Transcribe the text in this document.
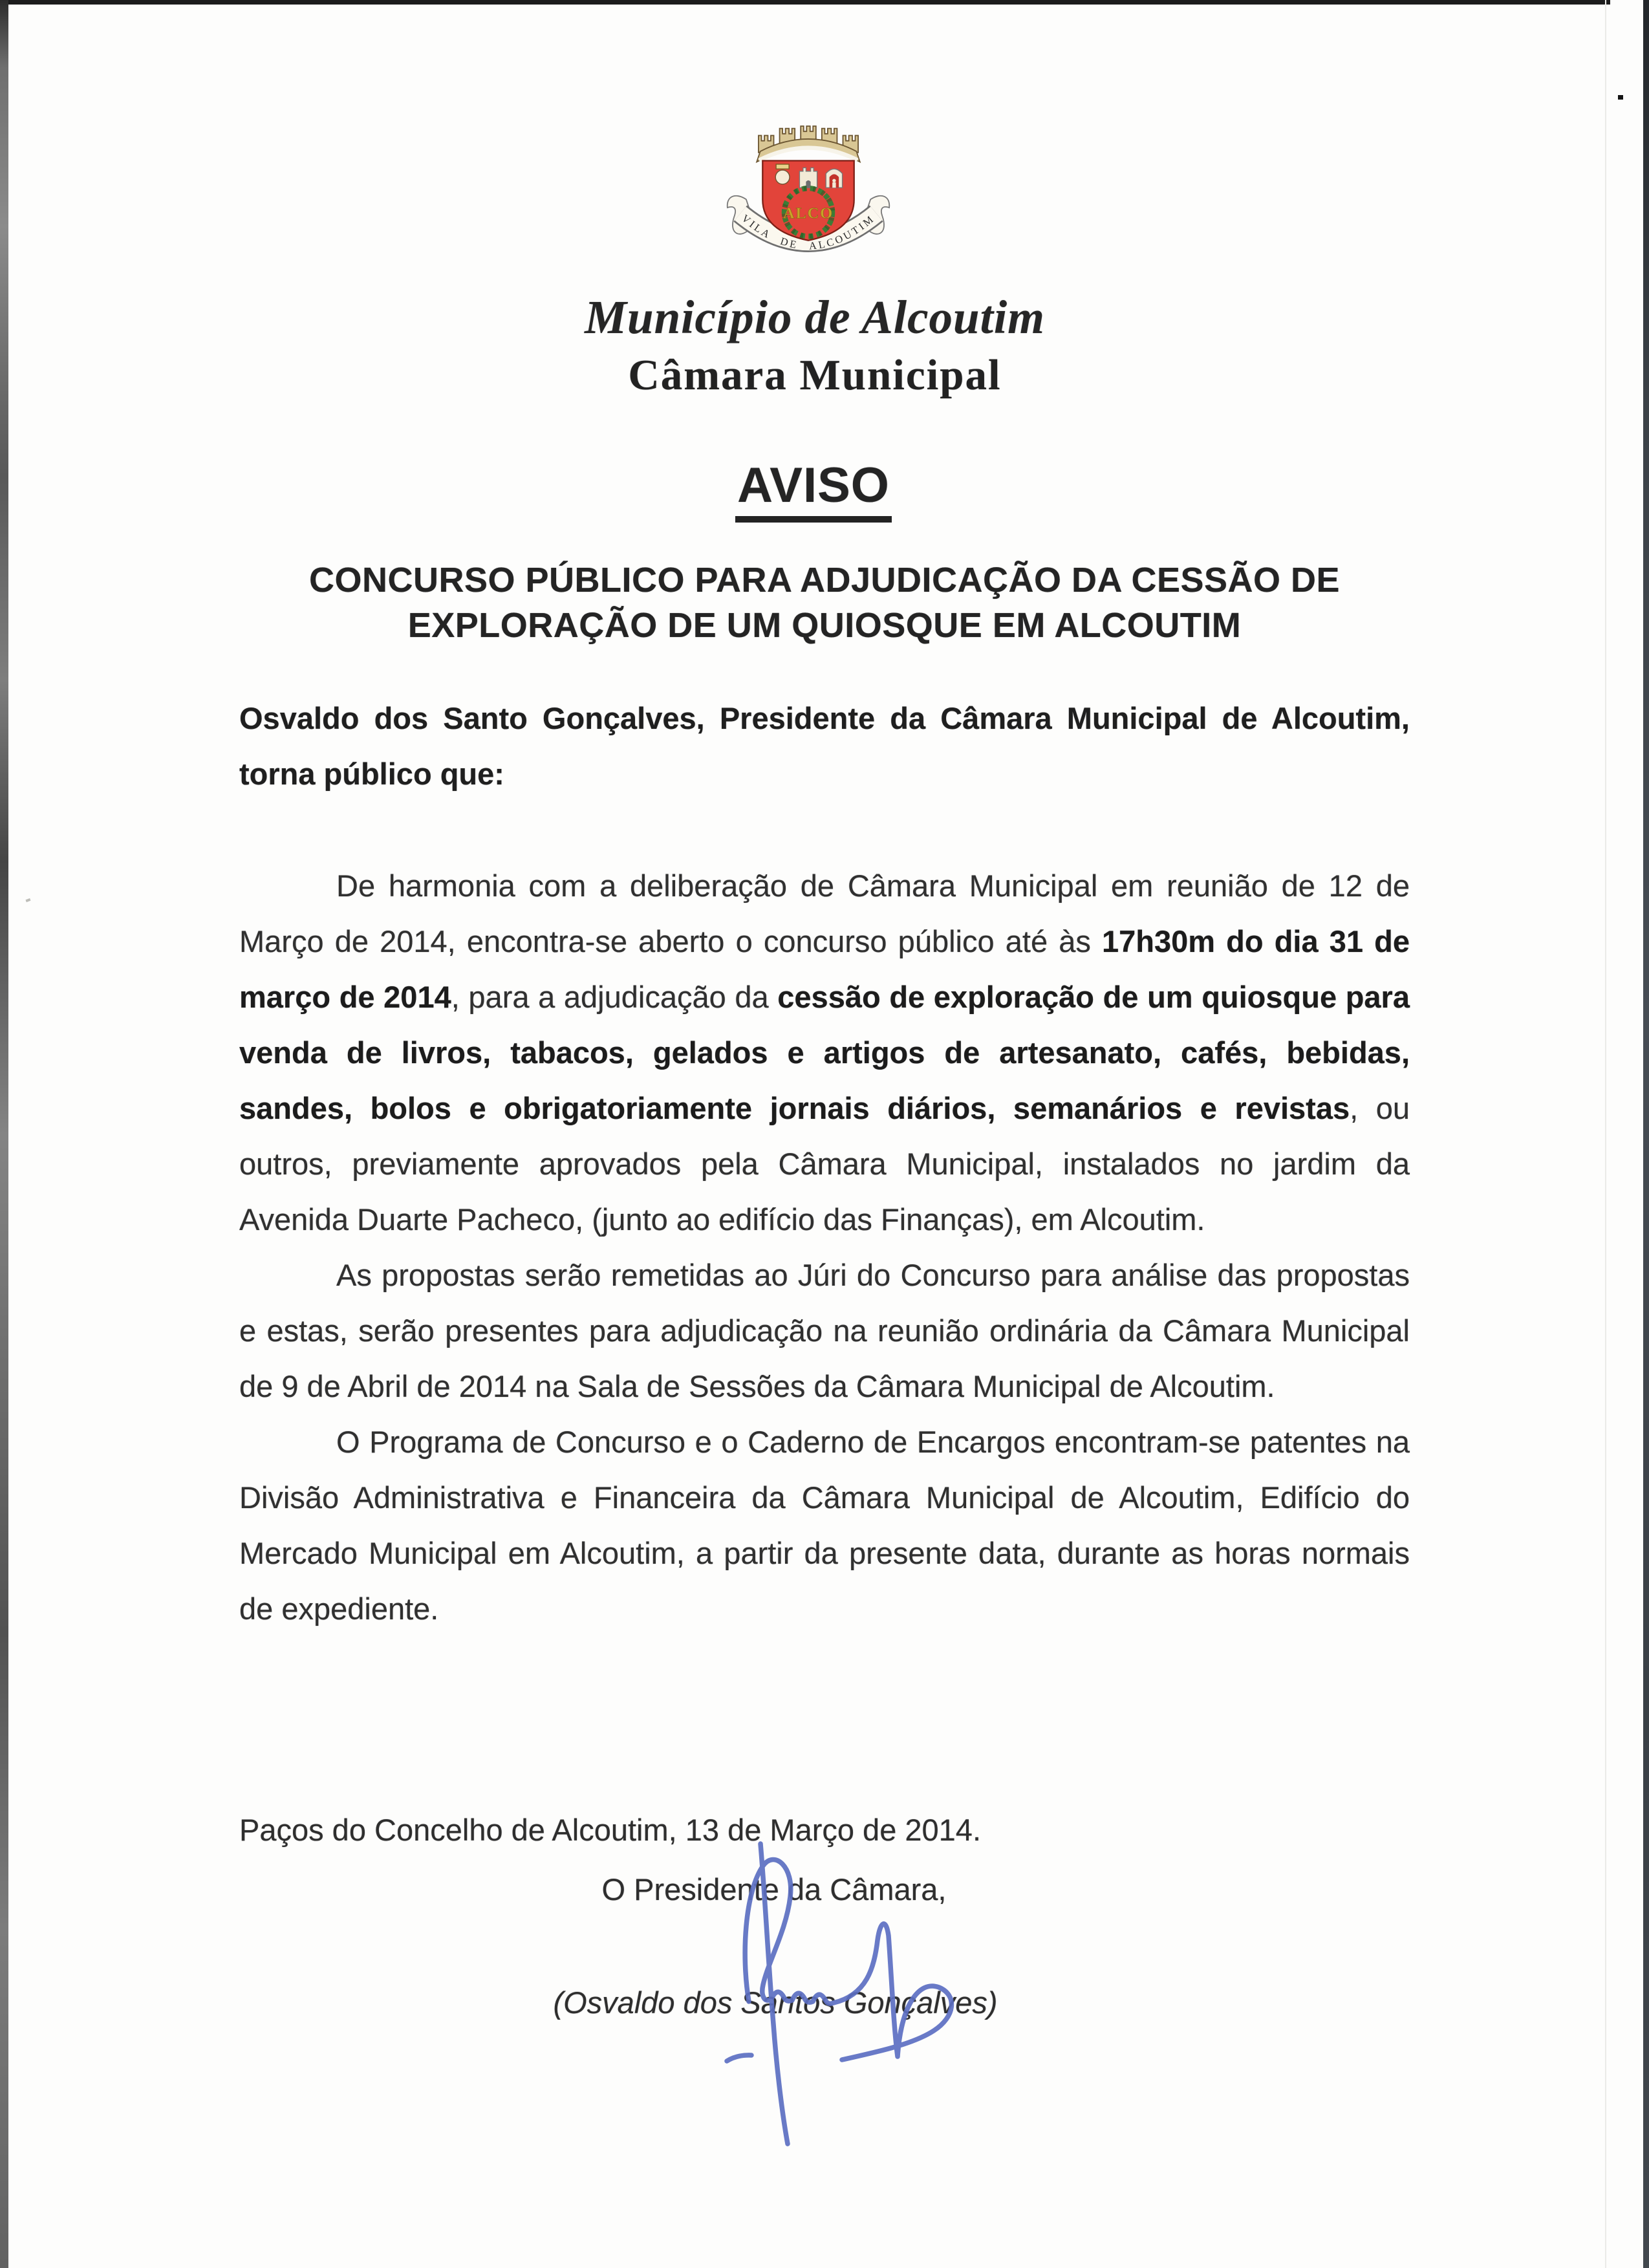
ALCO
VILA DE ALCOUTIM
Município de Alcoutim
Câmara Municipal
AVISO
CONCURSO PÚBLICO PARA ADJUDICAÇÃO DA CESSÃO DE EXPLORAÇÃO DE UM QUIOSQUE EM ALCOUTIM
Osvaldo dos Santo Gonçalves, Presidente da Câmara Municipal de Alcoutim, torna público que:

De harmonia com a deliberação de Câmara Municipal em reunião de 12 de Março de 2014, encontra-se aberto o concurso público até às 17h30m do dia 31 de março de 2014, para a adjudicação da cessão de exploração de um quiosque para venda de livros, tabacos, gelados e artigos de artesanato, cafés, bebidas, sandes, bolos e obrigatoriamente jornais diários, semanários e revistas, ou outros, previamente aprovados pela Câmara Municipal, instalados no jardim da Avenida Duarte Pacheco, (junto ao edifício das Finanças), em Alcoutim.

As propostas serão remetidas ao Júri do Concurso para análise das propostas e estas, serão presentes para adjudicação na reunião ordinária da Câmara Municipal de 9 de Abril de 2014 na Sala de Sessões da Câmara Municipal de Alcoutim.

O Programa de Concurso e o Caderno de Encargos encontram-se patentes na Divisão Administrativa e Financeira da Câmara Municipal de Alcoutim, Edifício do Mercado Municipal em Alcoutim, a partir da presente data, durante as horas normais de expediente.

Paços do Concelho de Alcoutim, 13 de Março de 2014.
O Presidente da Câmara,
(Osvaldo dos Santos Gonçalves)
